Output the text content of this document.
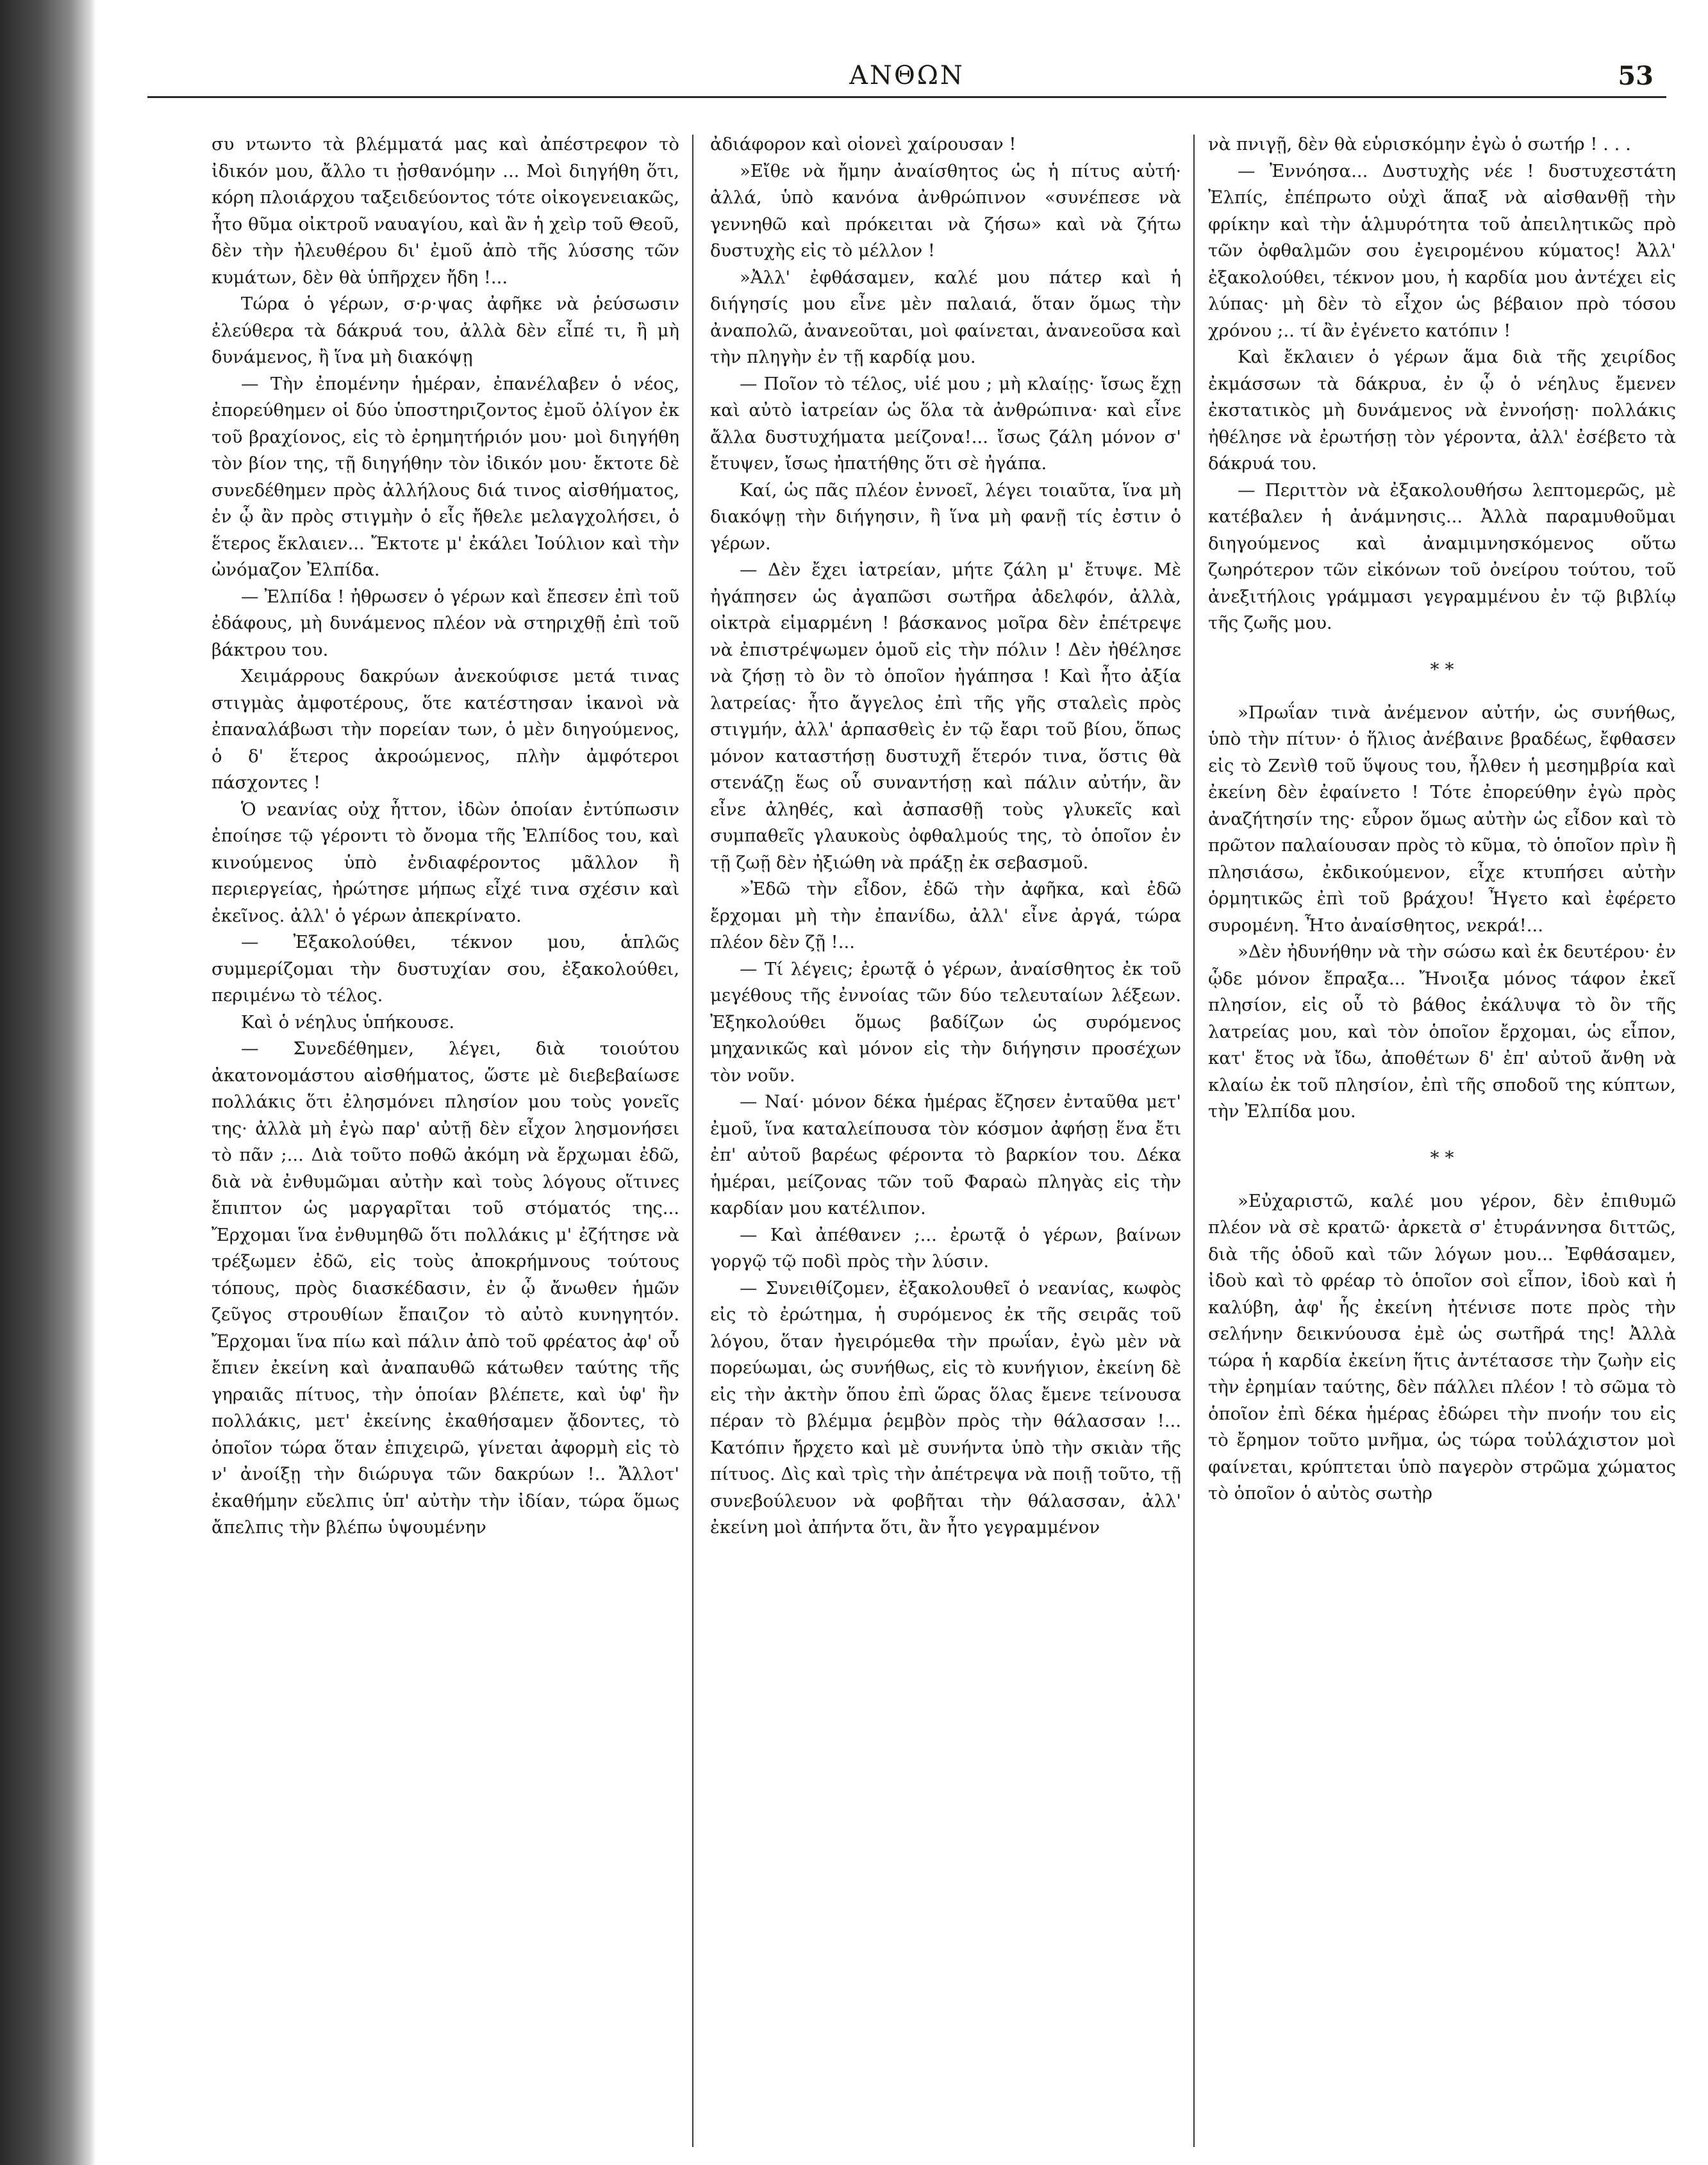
ΑΝΘΩΝ	53

συ ντωντο τὰ βλέμματά μας καὶ ἀπέστρεφον τὸ ἰδικόν μου, ἄλλο τι ᾐσθανόμην ... Μοὶ διηγήθη ὅτι, κόρη πλοιάρχου ταξειδεύοντος τότε οἰκογενειακῶς, ἦτο θῦμα οἰκτροῦ ναυαγίου, καὶ ἂν ἡ χεὶρ τοῦ Θεοῦ, δὲν τὴν ἠλευθέρου δι' ἐμοῦ ἀπὸ τῆς λύσσης τῶν κυμάτων, δὲν θὰ ὑπῆρχεν ἤδη !...

Τώρα ὁ γέρων, σ·ρ·ψας ἀφῆκε νὰ ῥεύσωσιν ἐλεύθερα τὰ δάκρυά του, ἀλλὰ δὲν εἶπέ τι, ἢ μὴ δυνάμενος, ἢ ἵνα μὴ διακόψῃ

— Τὴν ἐπομένην ἡμέραν, ἐπανέλαβεν ὁ νέος, ἐπορεύθημεν οἱ δύο ὑποστηριζοντος ἐμοῦ ὀλίγον ἐκ τοῦ βραχίονος, εἰς τὸ ἐρημητήριόν μου· μοὶ διηγήθη τὸν βίον της, τῇ διηγήθην τὸν ἰδικόν μου· ἔκτοτε δὲ συνεδέθημεν πρὸς ἀλλήλους διά τινος αἰσθήματος, ἐν ᾧ ἂν πρὸς στιγμὴν ὁ εἷς ἤθελε μελαγχολήσει, ὁ ἕτερος ἔκλαιεν... Ἔκτοτε μ' ἐκάλει Ἰούλιον καὶ τὴν ὠνόμαζον Ἐλπίδα.

— Ἐλπίδα ! ἠθρωσεν ὁ γέρων καὶ ἔπεσεν ἐπὶ τοῦ ἐδάφους, μὴ δυνάμενος πλέον νὰ στηριχθῇ ἐπὶ τοῦ βάκτρου του.

Χειμάρρους δακρύων ἀνεκούφισε μετά τινας στιγμὰς ἀμφοτέρους, ὅτε κατέστησαν ἱκανοὶ νὰ ἐπαναλάβωσι τὴν πορείαν των, ὁ μὲν διηγούμενος, ὁ δ' ἕτερος ἀκροώμενος, πλὴν ἀμφότεροι πάσχοντες !

Ὁ νεανίας οὐχ ἧττον, ἰδὼν ὁποίαν ἐντύπωσιν ἐποίησε τῷ γέροντι τὸ ὄνομα τῆς Ἐλπίδος του, καὶ κινούμενος ὑπὸ ἐνδιαφέροντος μᾶλλον ἢ περιεργείας, ἠρώτησε μήπως εἶχέ τινα σχέσιν καὶ ἐκεῖνος. ἀλλ' ὁ γέρων ἀπεκρίνατο.

— Ἐξακολούθει, τέκνον μου, ἁπλῶς συμμερίζομαι τὴν δυστυχίαν σου, ἐξακολούθει, περιμένω τὸ τέλος.

Καὶ ὁ νέηλυς ὑπήκουσε.

— Συνεδέθημεν, λέγει, διὰ τοιούτου ἀκατονομάστου αἰσθήματος, ὥστε μὲ διεβεβαίωσε πολλάκις ὅτι ἐλησμόνει πλησίον μου τοὺς γονεῖς της· ἀλλὰ μὴ ἐγὼ παρ' αὐτῇ δὲν εἶχον λησμονήσει τὸ πᾶν ;... Διὰ τοῦτο ποθῶ ἀκόμη νὰ ἔρχωμαι ἐδῶ, διὰ νὰ ἐνθυμῶμαι αὐτὴν καὶ τοὺς λόγους οἵτινες ἔπιπτον ὡς μαργαρῖται τοῦ στόματός της... Ἔρχομαι ἵνα ἐνθυμηθῶ ὅτι πολλάκις μ' ἐζήτησε νὰ τρέξωμεν ἐδῶ, εἰς τοὺς ἀποκρήμνους τούτους τόπους, πρὸς διασκέδασιν, ἐν ᾧ ἄνωθεν ἡμῶν ζεῦγος στρουθίων ἔπαιζον τὸ αὐτὸ κυνηγητόν. Ἔρχομαι ἵνα πίω καὶ πάλιν ἀπὸ τοῦ φρέατος ἀφ' οὗ ἔπιεν ἐκείνη καὶ ἀναπαυθῶ κάτωθεν ταύτης τῆς γηραιᾶς πίτυος, τὴν ὁποίαν βλέπετε, καὶ ὑφ' ἣν πολλάκις, μετ' ἐκείνης ἐκαθήσαμεν ᾄδοντες, τὸ ὁποῖον τώρα ὅταν ἐπιχειρῶ, γίνεται ἀφορμὴ εἰς τὸ ν' ἀνοίξῃ τὴν διώρυγα τῶν δακρύων !.. Ἄλλοτ' ἐκαθήμην εὔελπις ὑπ' αὐτὴν τὴν ἰδίαν, τώρα ὅμως ἄπελπις τὴν βλέπω ὑψουμένην

ἀδιάφορον καὶ οἱονεὶ χαίρουσαν !

»Εἴθε νὰ ἤμην ἀναίσθητος ὡς ἡ πίτυς αὐτή· ἀλλά, ὑπὸ κανόνα ἀνθρώπινον «συνέπεσε νὰ γεννηθῶ καὶ πρόκειται νὰ ζήσω» καὶ νὰ ζήτω δυστυχὴς εἰς τὸ μέλλον !

»Ἀλλ' ἐφθάσαμεν, καλέ μου πάτερ καὶ ἡ διήγησίς μου εἶνε μὲν παλαιά, ὅταν ὅμως τὴν ἀναπολῶ, ἀνανεοῦται, μοὶ φαίνεται, ἀνανεοῦσα καὶ τὴν πληγὴν ἐν τῇ καρδίᾳ μου.

— Ποῖον τὸ τέλος, υἱέ μου ; μὴ κλαίῃς· ἴσως ἔχῃ καὶ αὐτὸ ἰατρείαν ὡς ὅλα τὰ ἀνθρώπινα· καὶ εἶνε ἄλλα δυστυχήματα μείζονα!... ἴσως ζάλη μόνον σ' ἔτυψεν, ἴσως ἠπατήθης ὅτι σὲ ἠγάπα.

Καί, ὡς πᾶς πλέον ἐννοεῖ, λέγει τοιαῦτα, ἵνα μὴ διακόψῃ τὴν διήγησιν, ἢ ἵνα μὴ φανῇ τίς ἐστιν ὁ γέρων.

— Δὲν ἔχει ἰατρείαν, μήτε ζάλη μ' ἔτυψε. Μὲ ἠγάπησεν ὡς ἀγαπῶσι σωτῆρα ἀδελφόν, ἀλλὰ, οἰκτρὰ εἱμαρμένη ! βάσκανος μοῖρα δὲν ἐπέτρεψε νὰ ἐπιστρέψωμεν ὁμοῦ εἰς τὴν πόλιν ! Δὲν ἠθέλησε νὰ ζήσῃ τὸ ὂν τὸ ὁποῖον ἠγάπησα ! Καὶ ἦτο ἀξία λατρείας· ἦτο ἄγγελος ἐπὶ τῆς γῆς σταλεὶς πρὸς στιγμήν, ἀλλ' ἁρπασθεὶς ἐν τῷ ἔαρι τοῦ βίου, ὅπως μόνον καταστήσῃ δυστυχῆ ἕτερόν τινα, ὅστις θὰ στενάζῃ ἕως οὗ συναντήσῃ καὶ πάλιν αὐτήν, ἂν εἶνε ἀληθές, καὶ ἀσπασθῇ τοὺς γλυκεῖς καὶ συμπαθεῖς γλαυκοὺς ὀφθαλμούς της, τὸ ὁποῖον ἐν τῇ ζωῇ δὲν ἠξιώθη νὰ πράξῃ ἐκ σεβασμοῦ.

»Ἐδῶ τὴν εἶδον, ἐδῶ τὴν ἀφῆκα, καὶ ἐδῶ ἔρχομαι μὴ τὴν ἐπανίδω, ἀλλ' εἶνε ἀργά, τώρα πλέον δὲν ζῇ !...

— Τί λέγεις; ἐρωτᾷ ὁ γέρων, ἀναίσθητος ἐκ τοῦ μεγέθους τῆς ἐννοίας τῶν δύο τελευταίων λέξεων. Ἐξηκολούθει ὅμως βαδίζων ὡς συρόμενος μηχανικῶς καὶ μόνον εἰς τὴν διήγησιν προσέχων τὸν νοῦν.

— Ναί· μόνον δέκα ἡμέρας ἔζησεν ἐνταῦθα μετ' ἐμοῦ, ἵνα καταλείπουσα τὸν κόσμον ἀφήσῃ ἕνα ἔτι ἐπ' αὐτοῦ βαρέως φέροντα τὸ βαρκίον του. Δέκα ἡμέραι, μείζονας τῶν τοῦ Φαραὼ πληγὰς εἰς τὴν καρδίαν μου κατέλιπον.

— Καὶ ἀπέθανεν ;... ἐρωτᾷ ὁ γέρων, βαίνων γοργῷ τῷ ποδὶ πρὸς τὴν λύσιν.

— Συνειθίζομεν, ἐξακολουθεῖ ὁ νεανίας, κωφὸς εἰς τὸ ἐρώτημα, ἡ συρόμενος ἐκ τῆς σειρᾶς τοῦ λόγου, ὅταν ἠγειρόμεθα τὴν πρωΐαν, ἐγὼ μὲν νὰ πορεύωμαι, ὡς συνήθως, εἰς τὸ κυνήγιον, ἐκείνη δὲ εἰς τὴν ἀκτὴν ὅπου ἐπὶ ὥρας ὅλας ἔμενε τείνουσα πέραν τὸ βλέμμα ῥεμβὸν πρὸς τὴν θάλασσαν !... Κατόπιν ἤρχετο καὶ μὲ συνήντα ὑπὸ τὴν σκιὰν τῆς πίτυος. Δὶς καὶ τρὶς τὴν ἀπέτρεψα νὰ ποιῇ τοῦτο, τῇ συνεβούλευον νὰ φοβῆται τὴν θάλασσαν, ἀλλ' ἐκείνη μοὶ ἀπήντα ὅτι, ἂν ἦτο γεγραμμένον

νὰ πνιγῇ, δὲν θὰ εὑρισκόμην ἐγὼ ὁ σωτήρ ! . . .

— Ἐννόησα... Δυστυχὴς νέε ! δυστυχεστάτη Ἐλπίς, ἐπέπρωτο οὐχὶ ἅπαξ νὰ αἰσθανθῇ τὴν φρίκην καὶ τὴν ἁλμυρότητα τοῦ ἀπειλητικῶς πρὸ τῶν ὀφθαλμῶν σου ἐγειρομένου κύματος! Ἀλλ' ἐξακολούθει, τέκνον μου, ἡ καρδία μου ἀντέχει εἰς λύπας· μὴ δὲν τὸ εἶχον ὡς βέβαιον πρὸ τόσου χρόνου ;.. τί ἂν ἐγένετο κατόπιν !

Καὶ ἔκλαιεν ὁ γέρων ἅμα διὰ τῆς χειρίδος ἐκμάσσων τὰ δάκρυα, ἐν ᾧ ὁ νέηλυς ἔμενεν ἐκστατικὸς μὴ δυνάμενος νὰ ἐννοήσῃ· πολλάκις ἠθέλησε νὰ ἐρωτήσῃ τὸν γέροντα, ἀλλ' ἐσέβετο τὰ δάκρυά του.

— Περιττὸν νὰ ἐξακολουθήσω λεπτομερῶς, μὲ κατέβαλεν ἡ ἀνάμνησις... Ἀλλὰ παραμυθοῦμαι διηγούμενος καὶ ἀναμιμνησκόμενος οὕτω ζωηρότερον τῶν εἰκόνων τοῦ ὀνείρου τούτου, τοῦ ἀνεξιτήλοις γράμμασι γεγραμμένου ἐν τῷ βιβλίῳ τῆς ζωῆς μου.

* *

»Πρωΐαν τινὰ ἀνέμενον αὐτήν, ὡς συνήθως, ὑπὸ τὴν πίτυν· ὁ ἥλιος ἀνέβαινε βραδέως, ἔφθασεν εἰς τὸ Ζενὶθ τοῦ ὕψους του, ἦλθεν ἡ μεσημβρία καὶ ἐκείνη δὲν ἐφαίνετο ! Τότε ἐπορεύθην ἐγὼ πρὸς ἀναζήτησίν της· εὗρον ὅμως αὐτὴν ὡς εἶδον καὶ τὸ πρῶτον παλαίουσαν πρὸς τὸ κῦμα, τὸ ὁποῖον πρὶν ἢ πλησιάσω, ἐκδικούμενον, εἶχε κτυπήσει αὐτὴν ὁρμητικῶς ἐπὶ τοῦ βράχου! Ἦγετο καὶ ἐφέρετο συρομένη. Ἦτο ἀναίσθητος, νεκρά!...

»Δὲν ἠδυνήθην νὰ τὴν σώσω καὶ ἐκ δευτέρου· ἐν ᾧδε μόνον ἔπραξα... Ἤνοιξα μόνος τάφον ἐκεῖ πλησίον, εἰς οὗ τὸ βάθος ἐκάλυψα τὸ ὂν τῆς λατρείας μου, καὶ τὸν ὁποῖον ἔρχομαι, ὡς εἶπον, κατ' ἔτος νὰ ἴδω, ἀποθέτων δ' ἐπ' αὐτοῦ ἄνθη νὰ κλαίω ἐκ τοῦ πλησίον, ἐπὶ τῆς σποδοῦ της κύπτων, τὴν Ἐλπίδα μου.

* *

»Εὐχαριστῶ, καλέ μου γέρον, δὲν ἐπιθυμῶ πλέον νὰ σὲ κρατῶ· ἀρκετὰ σ' ἐτυράννησα διττῶς, διὰ τῆς ὁδοῦ καὶ τῶν λόγων μου... Ἐφθάσαμεν, ἰδοὺ καὶ τὸ φρέαρ τὸ ὁποῖον σοὶ εἶπον, ἰδοὺ καὶ ἡ καλύβη, ἀφ' ἧς ἐκείνη ἠτένισε ποτε πρὸς τὴν σελήνην δεικνύουσα ἐμὲ ὡς σωτῆρά της! Ἀλλὰ τώρα ἡ καρδία ἐκείνη ἥτις ἀντέτασσε τὴν ζωὴν εἰς τὴν ἐρημίαν ταύτης, δὲν πάλλει πλέον ! τὸ σῶμα τὸ ὁποῖον ἐπὶ δέκα ἡμέρας ἐδώρει τὴν πνοήν του εἰς τὸ ἔρημον τοῦτο μνῆμα, ὡς τώρα τοὐλάχιστον μοὶ φαίνεται, κρύπτεται ὑπὸ παγερὸν στρῶμα χώματος τὸ ὁποῖον ὁ αὐτὸς σωτὴρ
